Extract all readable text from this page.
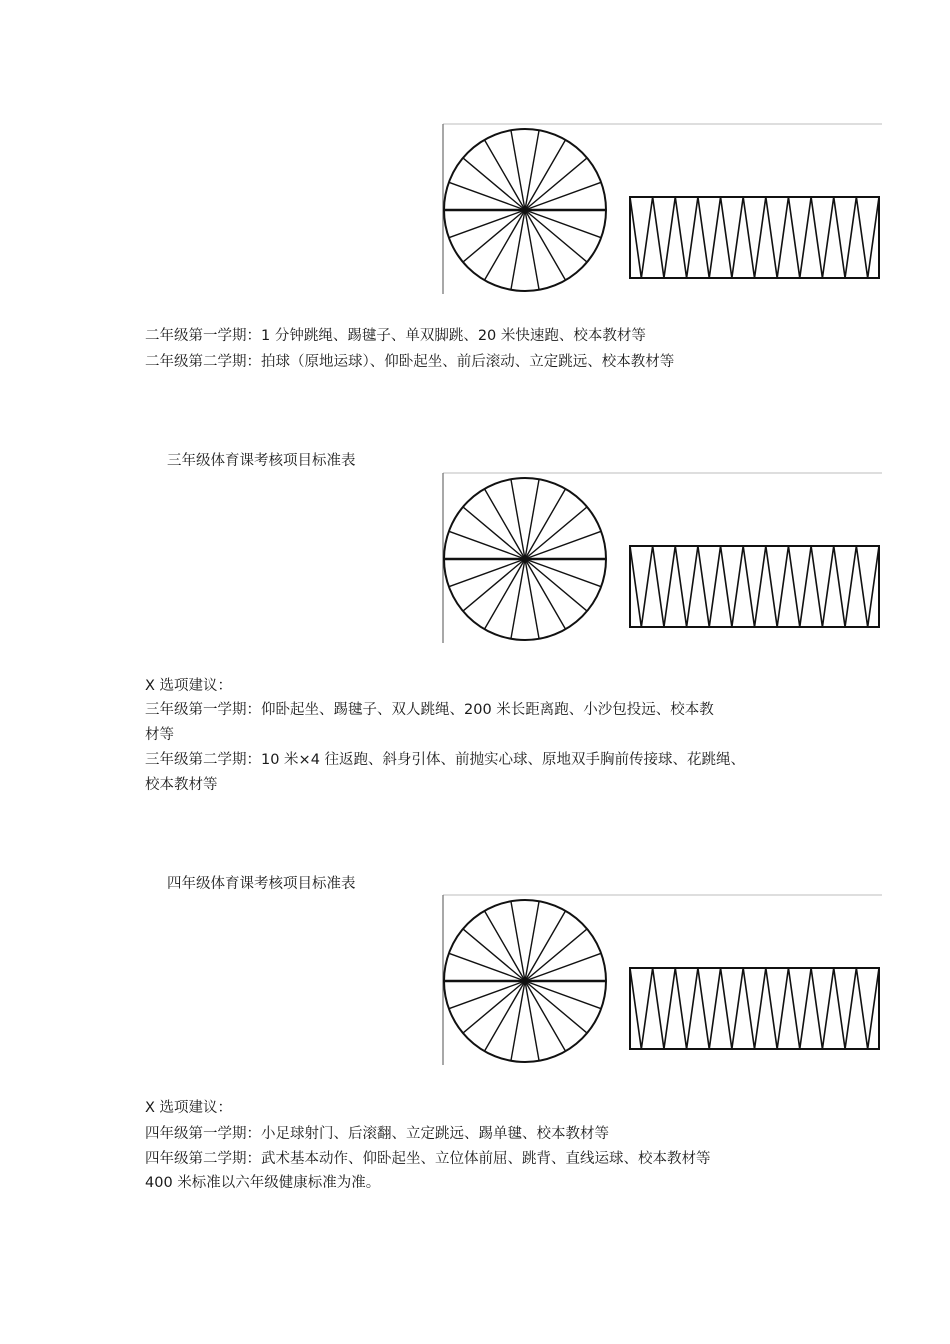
二年级第一学期：1 分钟跳绳、踢毽子、单双脚跳、20 米快速跑、校本教材等
二年级第二学期：拍球（原地运球）、仰卧起坐、前后滚动、立定跳远、校本教材等
三年级体育课考核项目标准表
X 选项建议：
三年级第一学期：仰卧起坐、踢毽子、双人跳绳、200 米长距离跑、小沙包投远、校本教
材等
三年级第二学期：10 米×4 往返跑、斜身引体、前抛实心球、原地双手胸前传接球、花跳绳、
校本教材等
四年级体育课考核项目标准表
X 选项建议：
四年级第一学期：小足球射门、后滚翻、立定跳远、踢单毽、校本教材等
四年级第二学期：武术基本动作、仰卧起坐、立位体前屈、跳背、直线运球、校本教材等
400 米标准以六年级健康标准为准。
